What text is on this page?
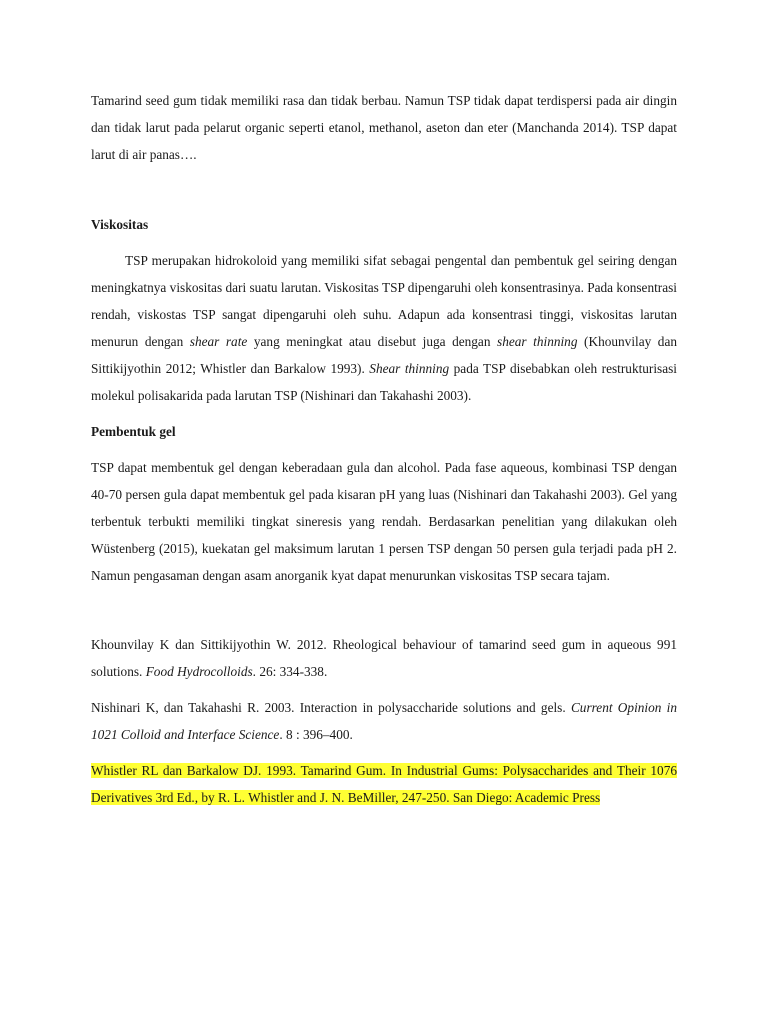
Tamarind seed gum tidak memiliki rasa dan tidak berbau. Namun TSP tidak dapat terdispersi pada air dingin dan tidak larut pada pelarut organic seperti etanol, methanol, aseton dan eter (Manchanda 2014). TSP dapat larut di air panas….

Viskositas

TSP merupakan hidrokoloid yang memiliki sifat sebagai pengental dan pembentuk gel seiring dengan meningkatnya viskositas dari suatu larutan. Viskositas TSP dipengaruhi oleh konsentrasinya. Pada konsentrasi rendah, viskostas TSP sangat dipengaruhi oleh suhu. Adapun ada konsentrasi tinggi, viskositas larutan menurun dengan shear rate yang meningkat atau disebut juga dengan shear thinning (Khounvilay dan Sittikijyothin 2012; Whistler dan Barkalow 1993). Shear thinning pada TSP disebabkan oleh restrukturisasi molekul polisakarida pada larutan TSP (Nishinari dan Takahashi 2003).

Pembentuk gel

TSP dapat membentuk gel dengan keberadaan gula dan alcohol. Pada fase aqueous, kombinasi TSP dengan 40-70 persen gula dapat membentuk gel pada kisaran pH yang luas (Nishinari dan Takahashi 2003). Gel yang terbentuk terbukti memiliki tingkat sineresis yang rendah. Berdasarkan penelitian yang dilakukan oleh Wüstenberg (2015), kuekatan gel maksimum larutan 1 persen TSP dengan 50 persen gula terjadi pada pH 2. Namun pengasaman dengan asam anorganik kyat dapat menurunkan viskositas TSP secara tajam.

Khounvilay K dan Sittikijyothin W. 2012. Rheological behaviour of tamarind seed gum in aqueous 991 solutions. Food Hydrocolloids. 26: 334-338.

Nishinari K, dan Takahashi R. 2003. Interaction in polysaccharide solutions and gels. Current Opinion in 1021 Colloid and Interface Science. 8 : 396–400.

Whistler RL dan Barkalow DJ. 1993. Tamarind Gum. In Industrial Gums: Polysaccharides and Their 1076 Derivatives 3rd Ed., by R. L. Whistler and J. N. BeMiller, 247-250. San Diego: Academic Press
